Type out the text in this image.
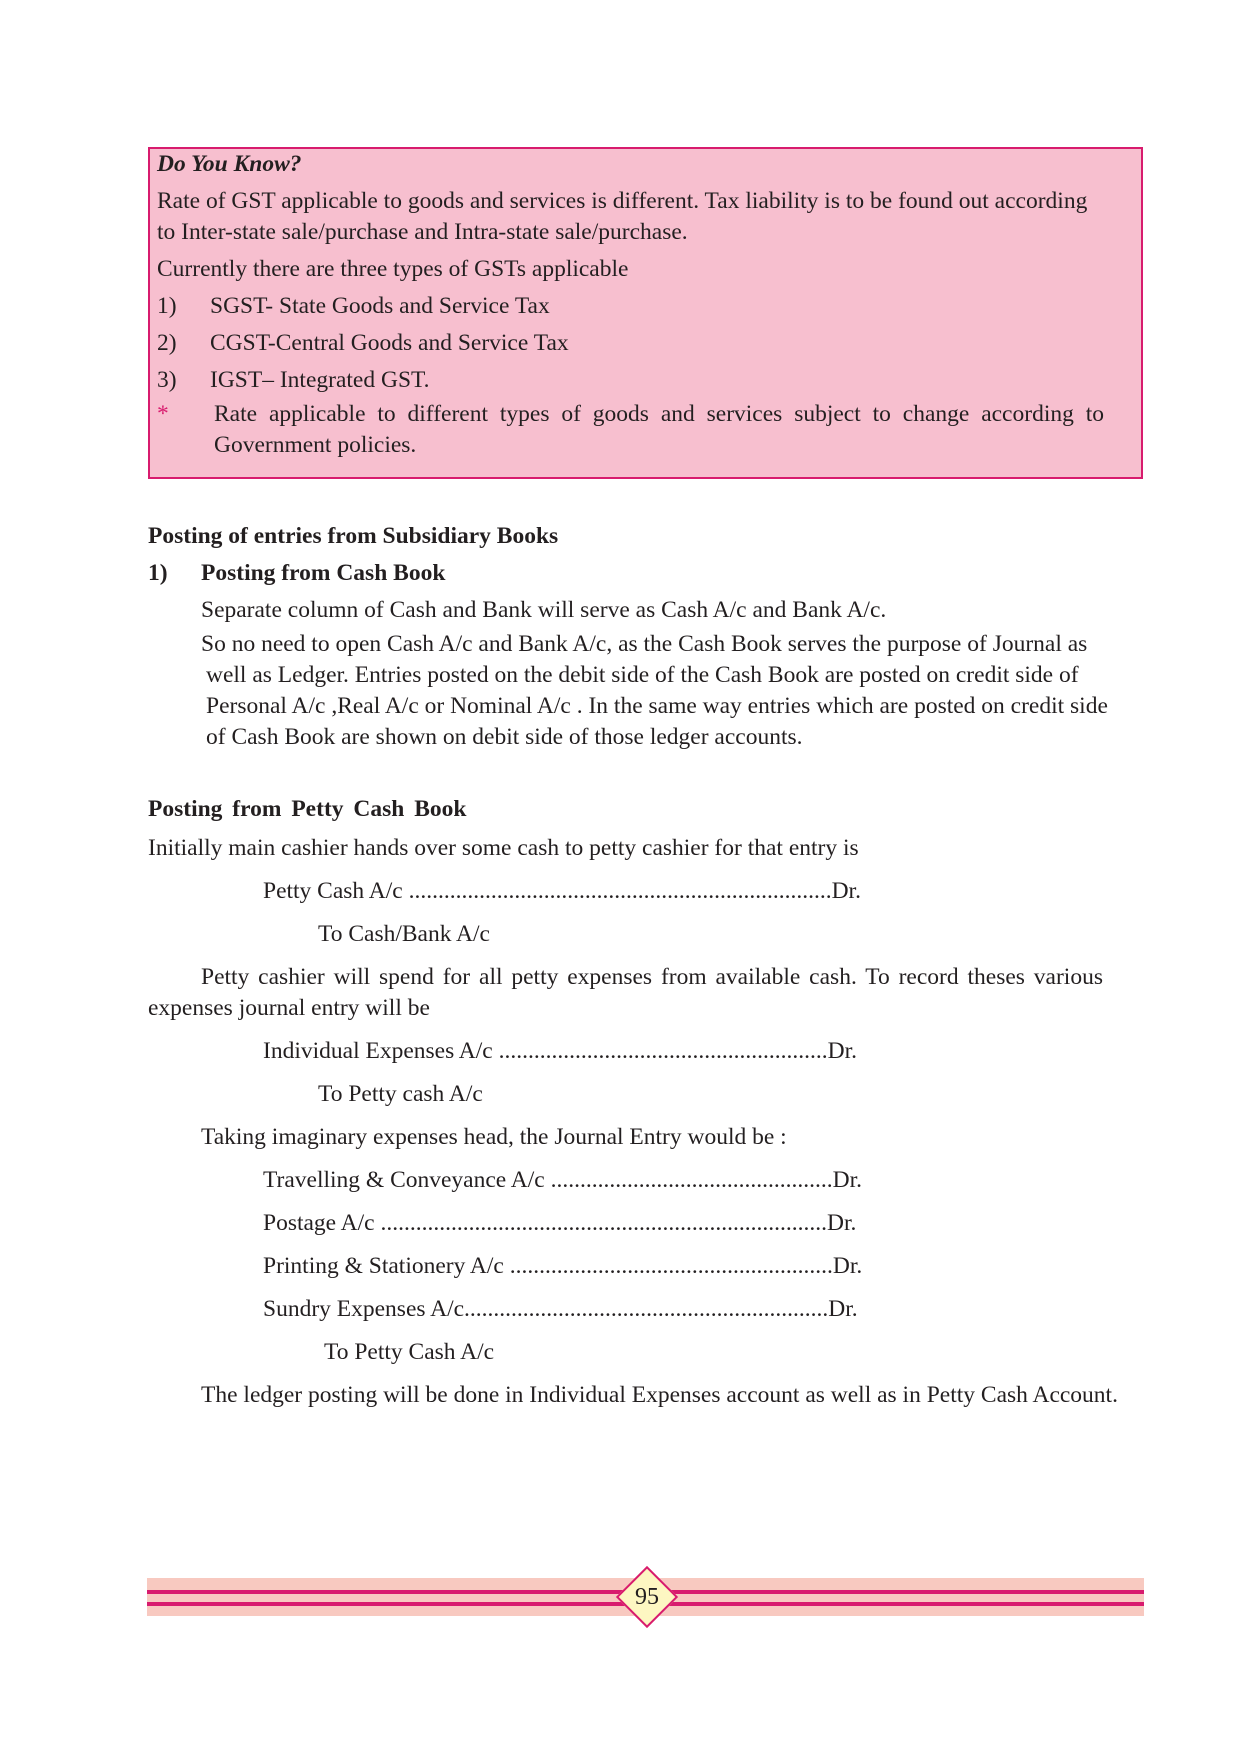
Do You Know?
Rate of GST applicable to goods and services is different. Tax liability is to be found out according
to Inter-state sale/purchase and Intra-state sale/purchase.
Currently there are three types of GSTs applicable
1) SGST- State Goods and Service Tax
2) CGST-Central Goods and Service Tax
3) IGST– Integrated GST.
* Rate applicable to different types of goods and services subject to change according to
Government policies.
Posting of entries from Subsidiary Books
1) Posting from Cash Book
Separate column of Cash and Bank will serve as Cash A/c and Bank A/c.
So no need to open Cash A/c and Bank A/c, as the Cash Book serves the purpose of Journal as
well as Ledger. Entries posted on the debit side of the Cash Book are posted on credit side of
Personal A/c ,Real A/c or Nominal A/c . In the same way entries which are posted on credit side
of Cash Book are shown on debit side of those ledger accounts.
Posting from Petty Cash Book
Initially main cashier hands over some cash to petty cashier for that entry is
Petty Cash A/c ........................................................................Dr.
To Cash/Bank A/c
Petty cashier will spend for all petty expenses from available cash. To record theses various
expenses journal entry will be
Individual Expenses A/c ........................................................Dr.
To Petty cash A/c
Taking imaginary expenses head, the Journal Entry would be :
Travelling & Conveyance A/c ................................................Dr.
Postage A/c ............................................................................Dr.
Printing & Stationery A/c .......................................................Dr.
Sundry Expenses A/c..............................................................Dr.
To Petty Cash A/c
The ledger posting will be done in Individual Expenses account as well as in Petty Cash Account.
95
